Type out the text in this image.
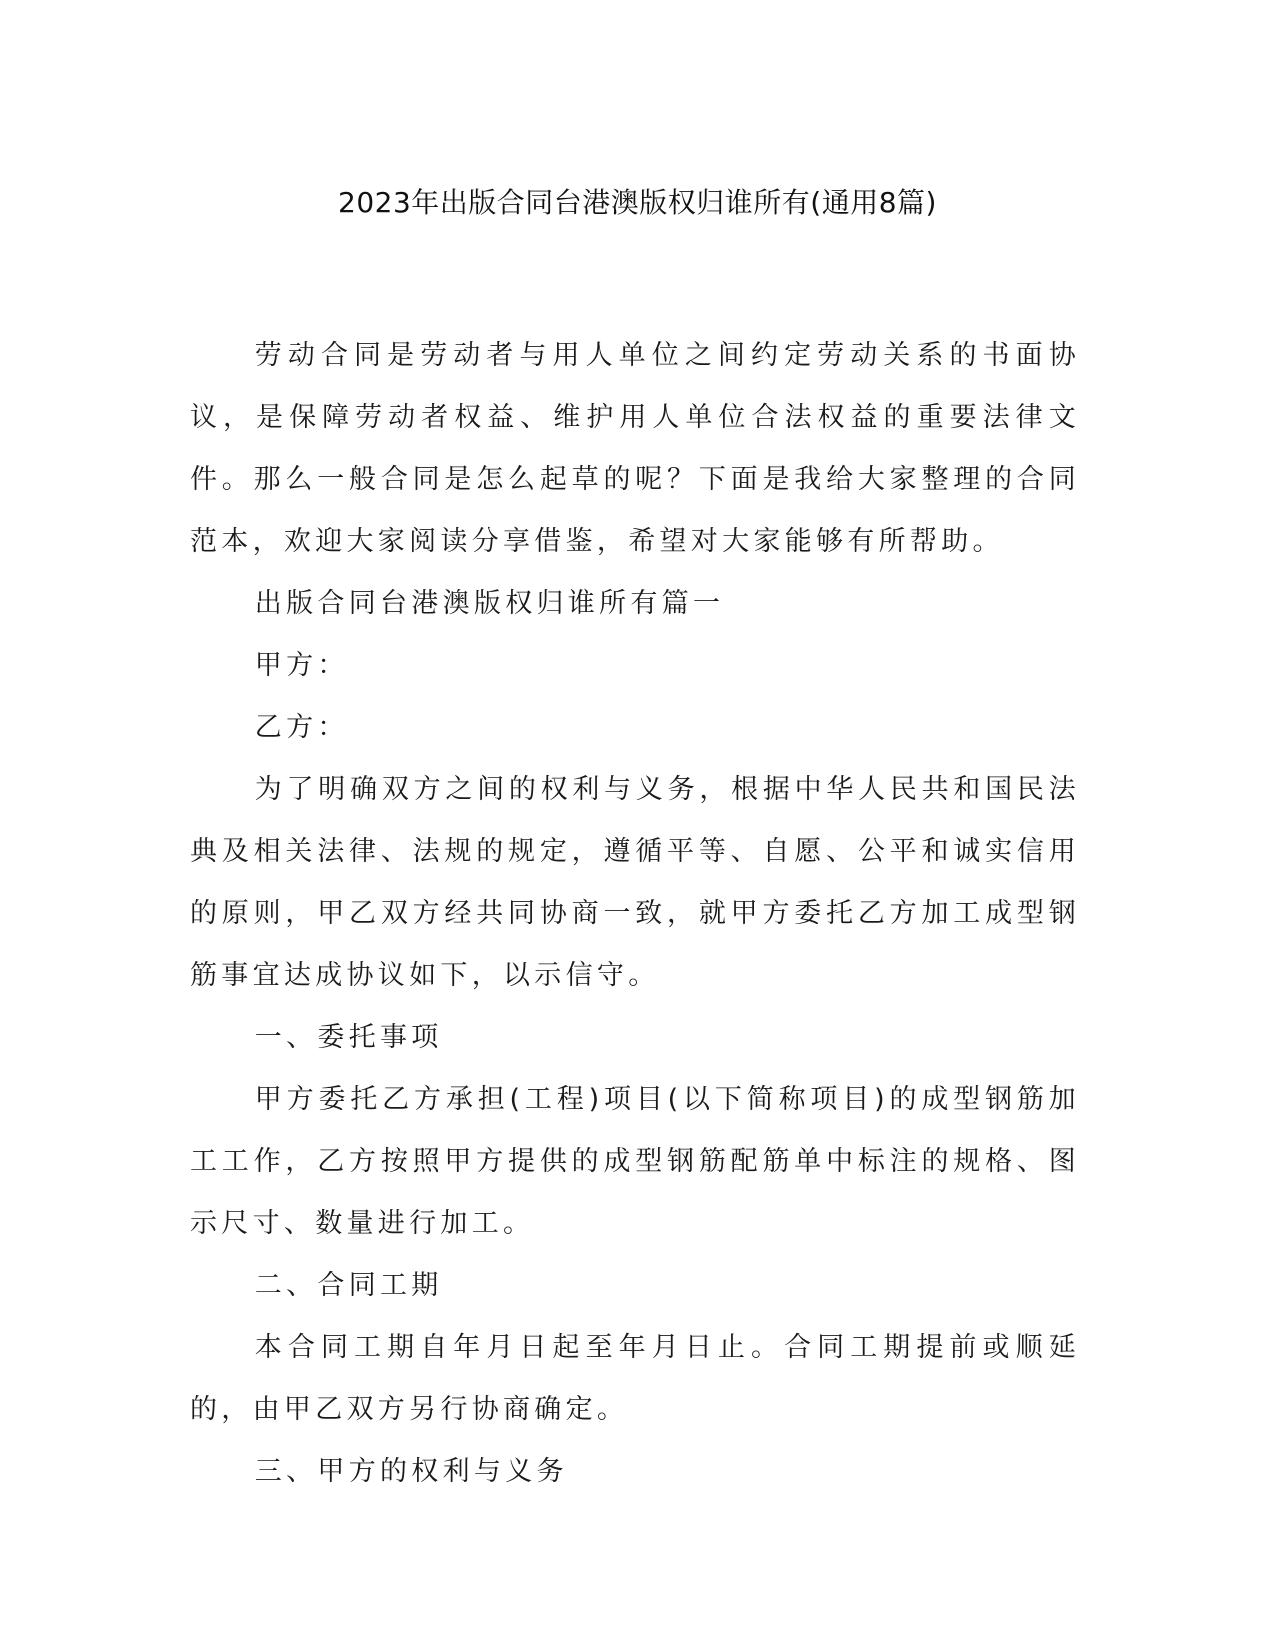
2023年出版合同台港澳版权归谁所有(通用8篇)

劳动合同是劳动者与用人单位之间约定劳动关系的书面协议，是保障劳动者权益、维护用人单位合法权益的重要法律文件。那么一般合同是怎么起草的呢？下面是我给大家整理的合同范本，欢迎大家阅读分享借鉴，希望对大家能够有所帮助。

出版合同台港澳版权归谁所有篇一

甲方：

乙方：

为了明确双方之间的权利与义务，根据中华人民共和国民法典及相关法律、法规的规定，遵循平等、自愿、公平和诚实信用的原则，甲乙双方经共同协商一致，就甲方委托乙方加工成型钢筋事宜达成协议如下，以示信守。

一、委托事项

甲方委托乙方承担(工程)项目(以下简称项目)的成型钢筋加工工作，乙方按照甲方提供的成型钢筋配筋单中标注的规格、图示尺寸、数量进行加工。

二、合同工期

本合同工期自年月日起至年月日止。合同工期提前或顺延的，由甲乙双方另行协商确定。

三、甲方的权利与义务
